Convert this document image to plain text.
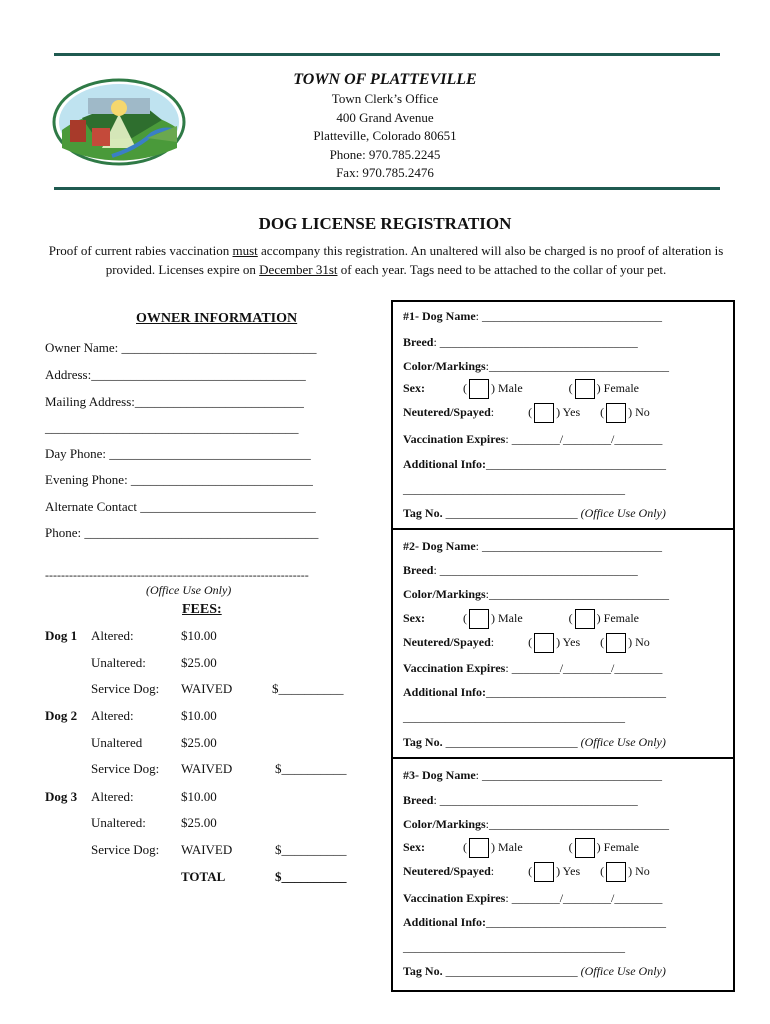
TOWN OF PLATTEVILLE
Town Clerk’s Office
400 Grand Avenue
Platteville, Colorado 80651
Phone: 970.785.2245
Fax: 970.785.2476
DOG LICENSE REGISTRATION
Proof of current rabies vaccination must accompany this registration. An unaltered will also be charged is no proof of alteration is provided. Licenses expire on December 31st of each year. Tags need to be attached to the collar of your pet.
OWNER INFORMATION
Owner Name: ______________________________
Address:_________________________________
Mailing Address:__________________________
_______________________________________
Day Phone: _______________________________
Evening Phone: ____________________________
Alternate Contact ___________________________
Phone: ____________________________________
------------------------------------------------------------------
(Office Use Only)
FEES:
Dog 1 Altered:	$10.00
Unaltered:	$25.00
Service Dog: WAIVED	$__________
Dog 2 Altered:	$10.00
Unaltered	$25.00
Service Dog: WAIVED	$__________
Dog 3 Altered:	$10.00
Unaltered:	$25.00
Service Dog: WAIVED	$__________
TOTAL	$__________
#1- Dog Name: ______________________________
Breed: _________________________________
Color/Markings:______________________________
Sex:	( ) Male	( ) Female
Neutered/Spayed:	( ) Yes ( ) No
Vaccination Expires: ________/________/________
Additional Info:______________________________
_____________________________________
Tag No. ______________________ (Office Use Only)
#2- Dog Name: ______________________________
Breed: _________________________________
Color/Markings:______________________________
Sex:	( ) Male	( ) Female
Neutered/Spayed:	( ) Yes ( ) No
Vaccination Expires: ________/________/________
Additional Info:______________________________
_____________________________________
Tag No. ______________________ (Office Use Only)
#3- Dog Name: ______________________________
Breed: _________________________________
Color/Markings:______________________________
Sex:	( ) Male	( ) Female
Neutered/Spayed:	( ) Yes ( ) No
Vaccination Expires: ________/________/________
Additional Info:______________________________
_____________________________________
Tag No. ______________________ (Office Use Only)
